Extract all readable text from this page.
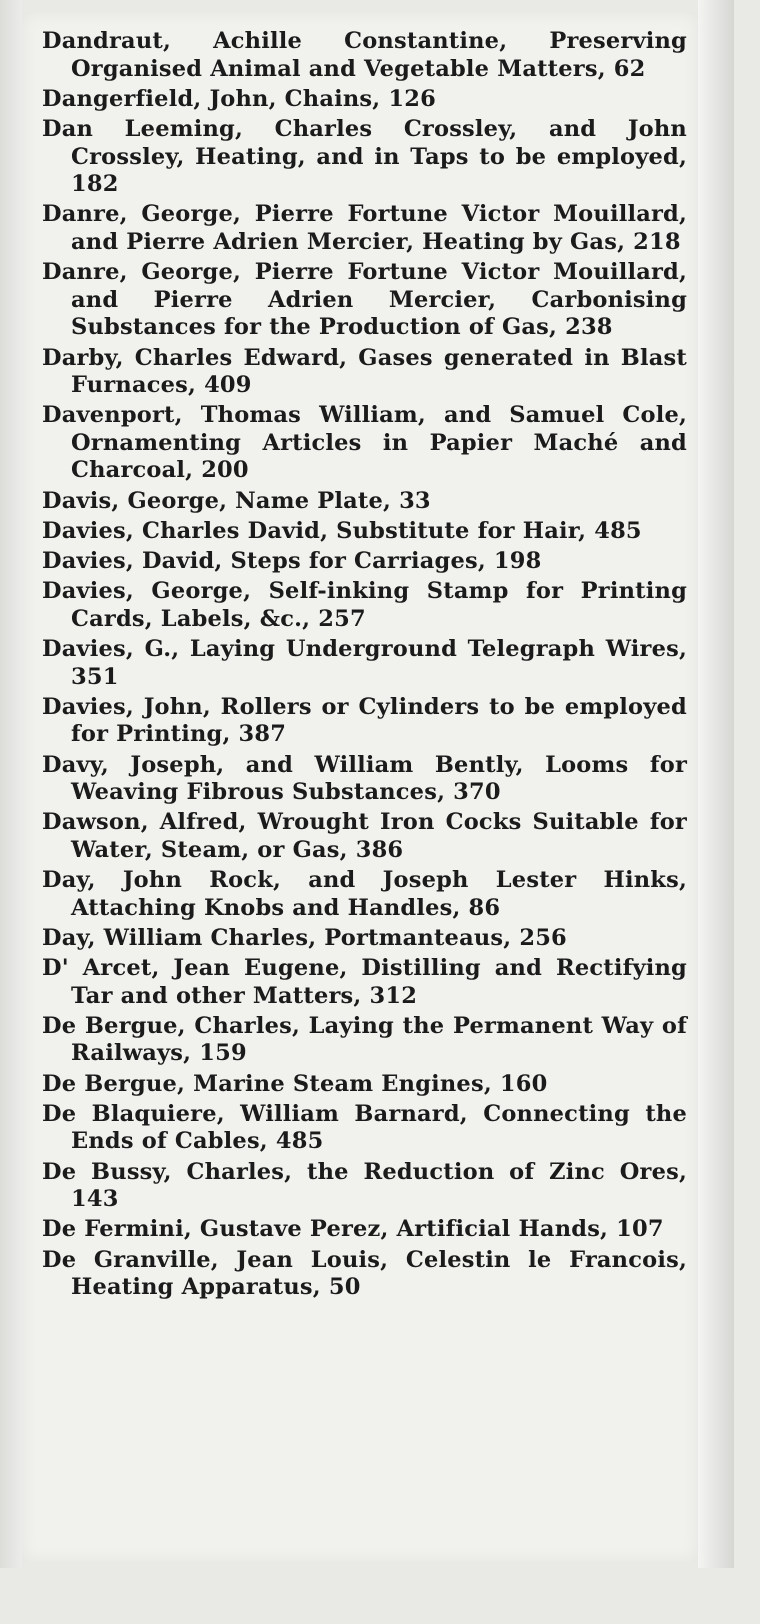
Dandraut, Achille Constantine, Preserving Organised Animal and Vegetable Matters, 62
Dangerfield, John, Chains, 126
Dan Leeming, Charles Crossley, and John Crossley, Heating, and in Taps to be employed, 182
Danre, George, Pierre Fortune Victor Mouillard, and Pierre Adrien Mercier, Heating by Gas, 218
Danre, George, Pierre Fortune Victor Mouillard, and Pierre Adrien Mercier, Carbonising Substances for the Production of Gas, 238
Darby, Charles Edward, Gases generated in Blast Furnaces, 409
Davenport, Thomas William, and Samuel Cole, Ornamenting Articles in Papier Maché and Charcoal, 200
Davis, George, Name Plate, 33
Davies, Charles David, Substitute for Hair, 485
Davies, David, Steps for Carriages, 198
Davies, George, Self-inking Stamp for Printing Cards, Labels, &c., 257
Davies, G., Laying Underground Telegraph Wires, 351
Davies, John, Rollers or Cylinders to be employed for Printing, 387
Davy, Joseph, and William Bently, Looms for Weaving Fibrous Substances, 370
Dawson, Alfred, Wrought Iron Cocks Suitable for Water, Steam, or Gas, 386
Day, John Rock, and Joseph Lester Hinks, Attaching Knobs and Handles, 86
Day, William Charles, Portmanteaus, 256
D' Arcet, Jean Eugene, Distilling and Rectifying Tar and other Matters, 312
De Bergue, Charles, Laying the Permanent Way of Railways, 159
De Bergue, Marine Steam Engines, 160
De Blaquiere, William Barnard, Connecting the Ends of Cables, 485
De Bussy, Charles, the Reduction of Zinc Ores, 143
De Fermini, Gustave Perez, Artificial Hands, 107
De Granville, Jean Louis, Celestin le Francois, Heating Apparatus, 50
